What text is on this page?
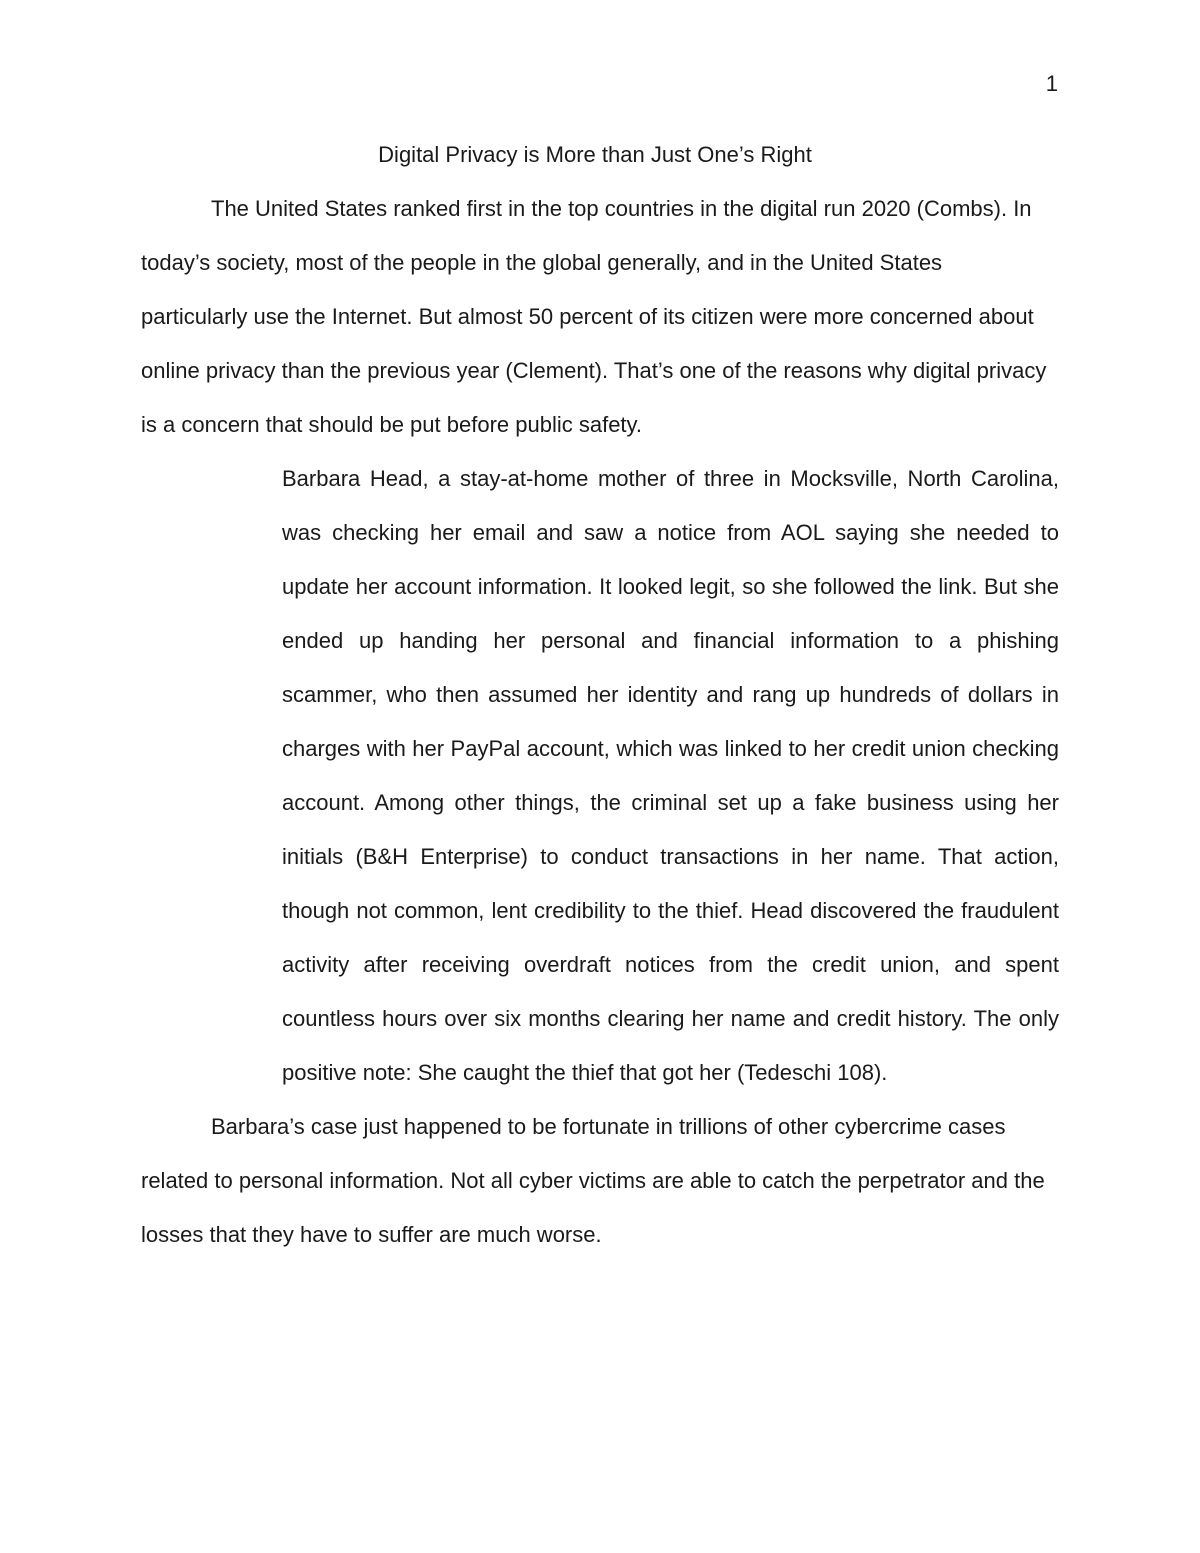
1
Digital Privacy is More than Just One’s Right

The United States ranked first in the top countries in the digital run 2020 (Combs). In today’s society, most of the people in the global generally, and in the United States particularly use the Internet. But almost 50 percent of its citizen were more concerned about online privacy than the previous year (Clement). That’s one of the reasons why digital privacy is a concern that should be put before public safety.

Barbara Head, a stay-at-home mother of three in Mocksville, North Carolina, was checking her email and saw a notice from AOL saying she needed to update her account information. It looked legit, so she followed the link. But she ended up handing her personal and financial information to a phishing scammer, who then assumed her identity and rang up hundreds of dollars in charges with her PayPal account, which was linked to her credit union checking account. Among other things, the criminal set up a fake business using her initials (B&H Enterprise) to conduct transactions in her name. That action, though not common, lent credibility to the thief. Head discovered the fraudulent activity after receiving overdraft notices from the credit union, and spent countless hours over six months clearing her name and credit history. The only positive note: She caught the thief that got her (Tedeschi 108).

Barbara’s case just happened to be fortunate in trillions of other cybercrime cases related to personal information. Not all cyber victims are able to catch the perpetrator and the losses that they have to suffer are much worse.
